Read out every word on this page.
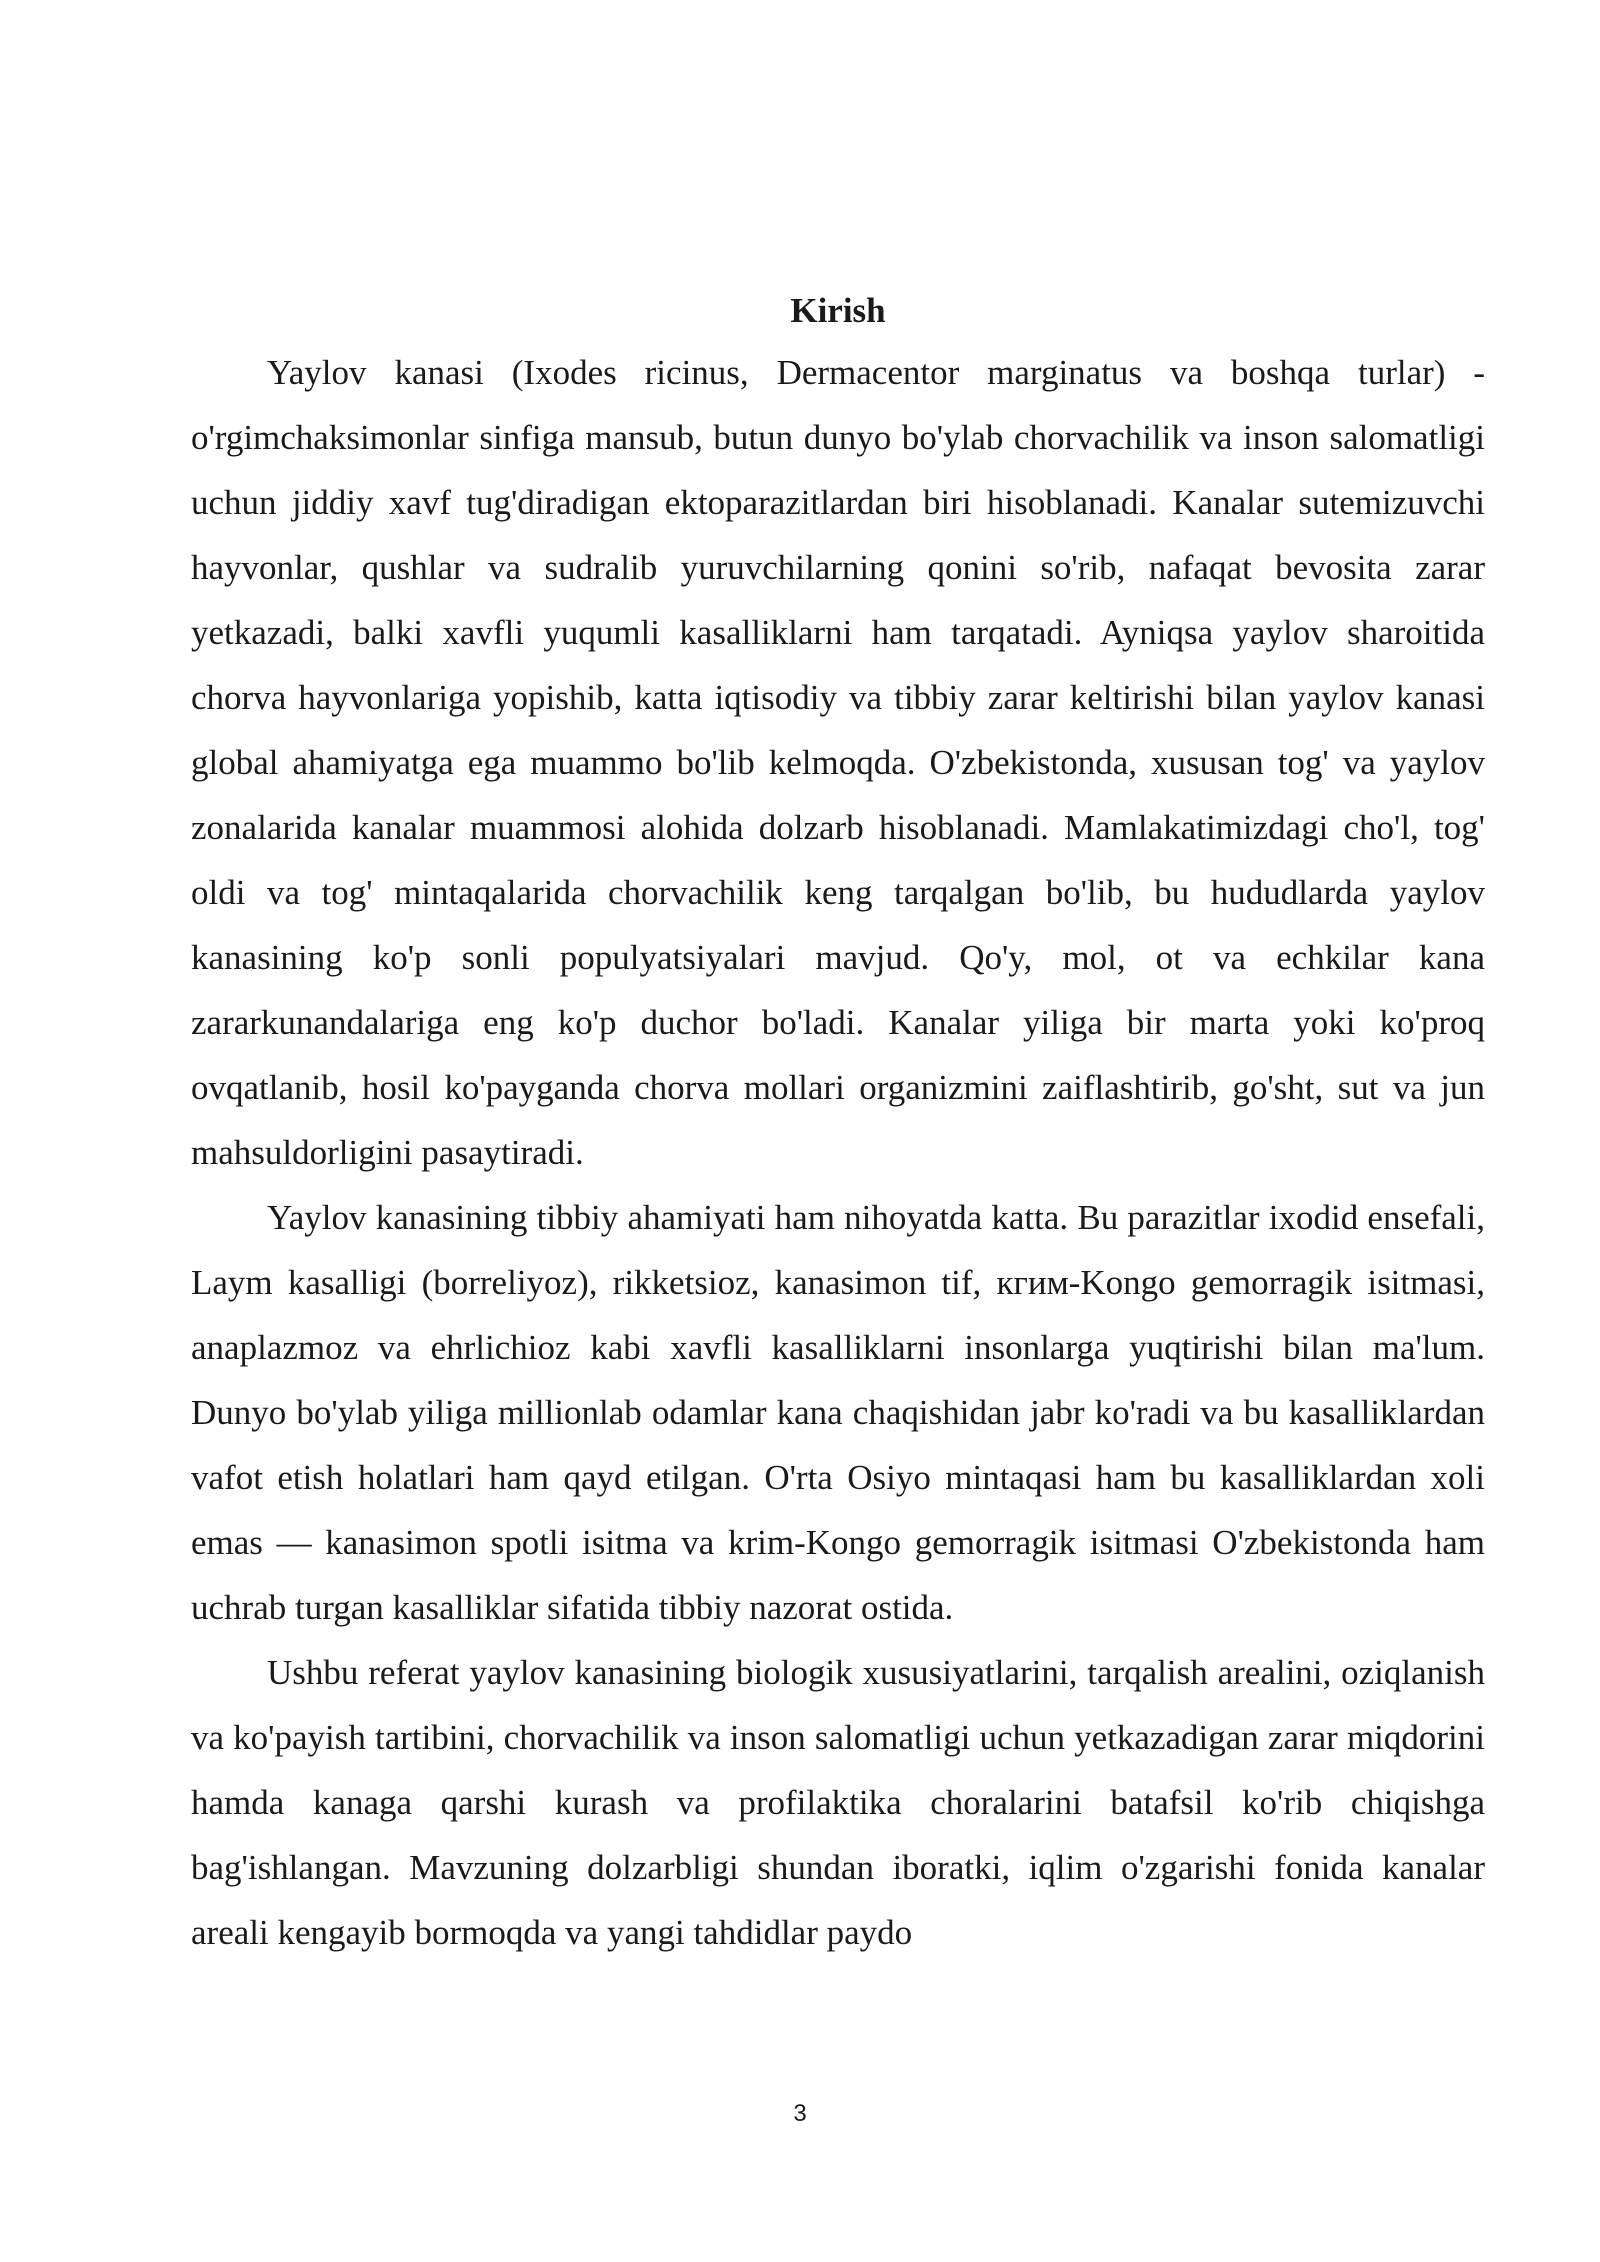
Kirish

Yaylov kanasi (Ixodes ricinus, Dermacentor marginatus va boshqa turlar) - o'rgimchaksimonlar sinfiga mansub, butun dunyo bo'ylab chorvachilik va inson salomatligi uchun jiddiy xavf tug'diradigan ektoparazitlardan biri hisoblanadi. Kanalar sutemizuvchi hayvonlar, qushlar va sudralib yuruvchilarning qonini so'rib, nafaqat bevosita zarar yetkazadi, balki xavfli yuqumli kasalliklarni ham tarqatadi. Ayniqsa yaylov sharoitida chorva hayvonlariga yopishib, katta iqtisodiy va tibbiy zarar keltirishi bilan yaylov kanasi global ahamiyatga ega muammo bo'lib kelmoqda. O'zbekistonda, xususan tog' va yaylov zonalarida kanalar muammosi alohida dolzarb hisoblanadi. Mamlakatimizdagi cho'l, tog' oldi va tog' mintaqalarida chorvachilik keng tarqalgan bo'lib, bu hududlarda yaylov kanasining ko'p sonli populyatsiyalari mavjud. Qo'y, mol, ot va echkilar kana zararkunandalariga eng ko'p duchor bo'ladi. Kanalar yiliga bir marta yoki ko'proq ovqatlanib, hosil ko'payganda chorva mollari organizmini zaiflashtirib, go'sht, sut va jun mahsuldorligini pasaytiradi.

Yaylov kanasining tibbiy ahamiyati ham nihoyatda katta. Bu parazitlar ixodid ensefali, Laym kasalligi (borreliyoz), rikketsioz, kanasimon tif, кгим-Kongo gemorragik isitmasi, anaplazmoz va ehrlichioz kabi xavfli kasalliklarni insonlarga yuqtirishi bilan ma'lum. Dunyo bo'ylab yiliga millionlab odamlar kana chaqishidan jabr ko'radi va bu kasalliklardan vafot etish holatlari ham qayd etilgan. O'rta Osiyo mintaqasi ham bu kasalliklardan xoli emas — kanasimon spotli isitma va krim-Kongo gemorragik isitmasi O'zbekistonda ham uchrab turgan kasalliklar sifatida tibbiy nazorat ostida.

Ushbu referat yaylov kanasining biologik xususiyatlarini, tarqalish arealini, oziqlanish va ko'payish tartibini, chorvachilik va inson salomatligi uchun yetkazadigan zarar miqdorini hamda kanaga qarshi kurash va profilaktika choralarini batafsil ko'rib chiqishga bag'ishlangan. Mavzuning dolzarbligi shundan iboratki, iqlim o'zgarishi fonida kanalar areali kengayib bormoqda va yangi tahdidlar paydo

3
